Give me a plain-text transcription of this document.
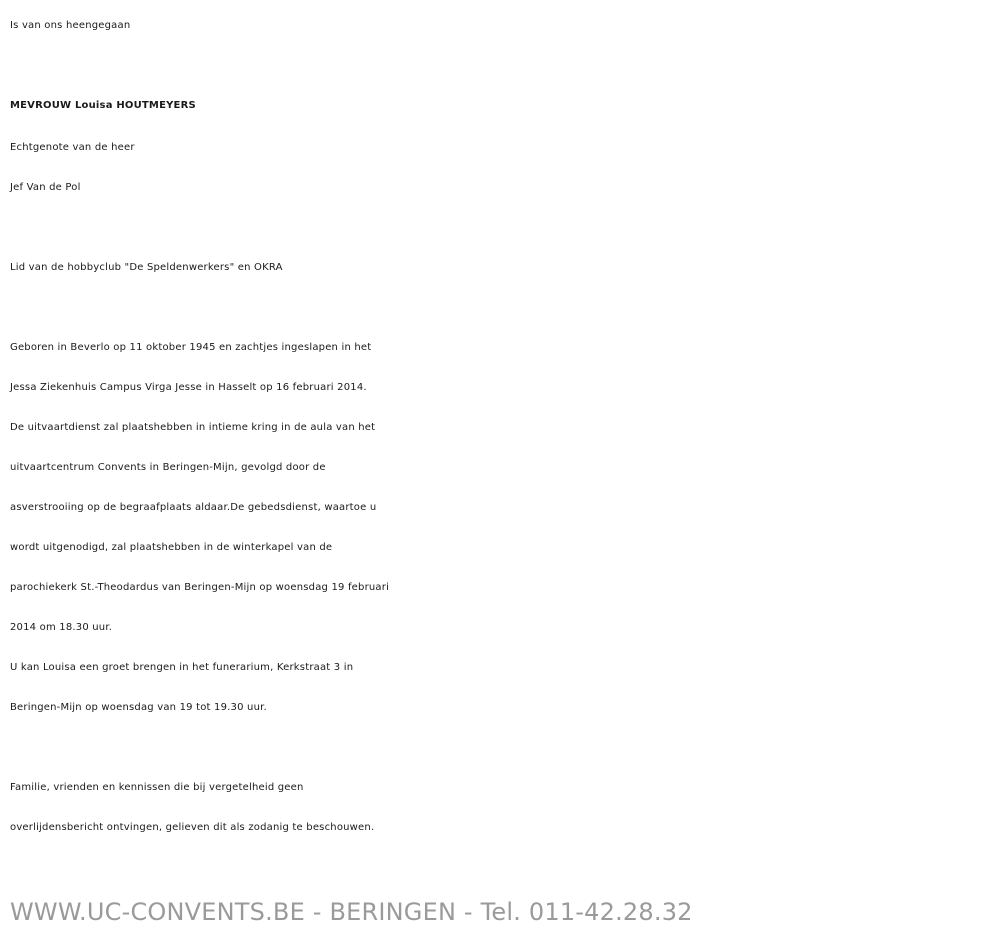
Is van ons heengegaan
MEVROUW Louisa HOUTMEYERS
Echtgenote van de heer
Jef Van de Pol
Lid van de hobbyclub "De Speldenwerkers" en OKRA
Geboren in Beverlo op 11 oktober 1945 en zachtjes ingeslapen in het
Jessa Ziekenhuis Campus Virga Jesse in Hasselt op 16 februari 2014.
De uitvaartdienst zal plaatshebben in intieme kring in de aula van het
uitvaartcentrum Convents in Beringen-Mijn, gevolgd door de
asverstrooiing op de begraafplaats aldaar.De gebedsdienst, waartoe u
wordt uitgenodigd, zal plaatshebben in de winterkapel van de
parochiekerk St.-Theodardus van Beringen-Mijn op woensdag 19 februari
2014 om 18.30 uur.
U kan Louisa een groet brengen in het funerarium, Kerkstraat 3 in
Beringen-Mijn op woensdag van 19 tot 19.30 uur.
Familie, vrienden en kennissen die bij vergetelheid geen
overlijdensbericht ontvingen, gelieven dit als zodanig te beschouwen.
WWW.UC-CONVENTS.BE - BERINGEN - Tel. 011-42.28.32
